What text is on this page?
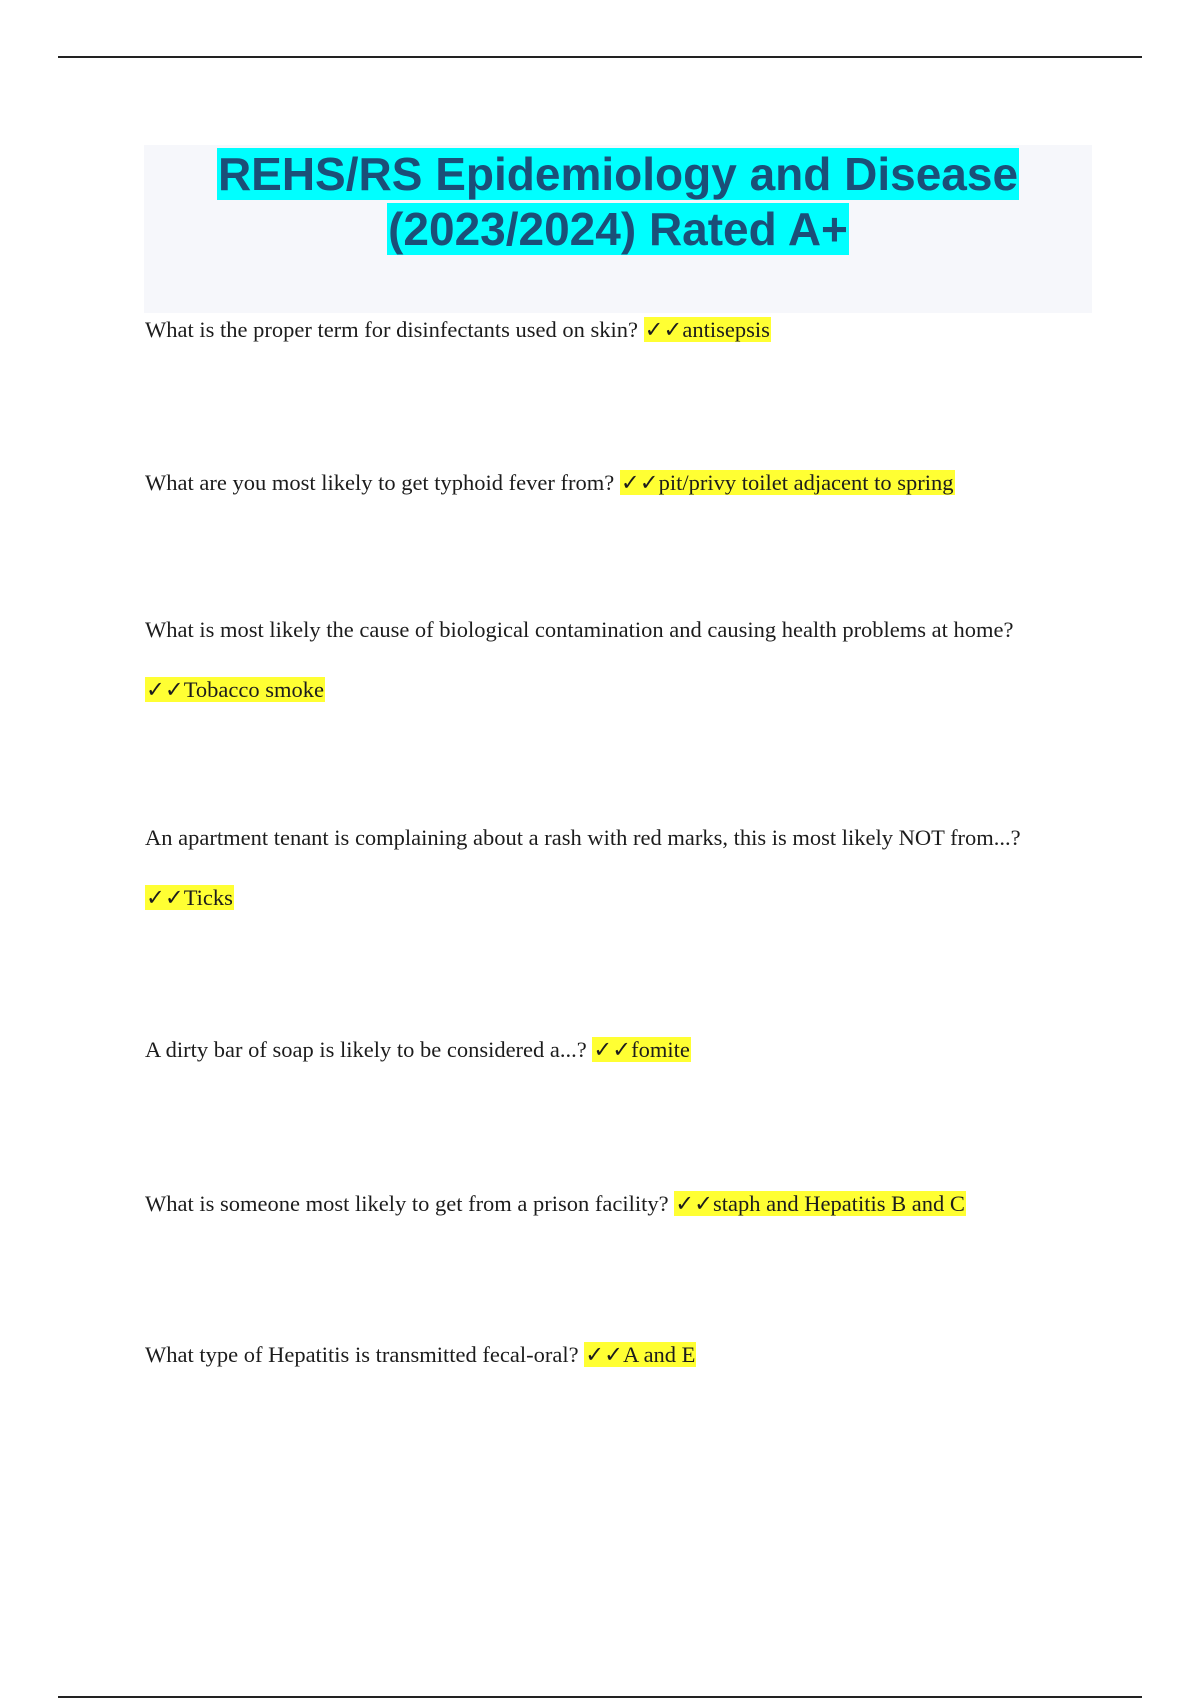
REHS/RS Epidemiology and Disease (2023/2024) Rated A+
What is the proper term for disinfectants used on skin? ✓✓antisepsis
What are you most likely to get typhoid fever from? ✓✓pit/privy toilet adjacent to spring
What is most likely the cause of biological contamination and causing health problems at home?
✓✓Tobacco smoke
An apartment tenant is complaining about a rash with red marks, this is most likely NOT from...?
✓✓Ticks
A dirty bar of soap is likely to be considered a...? ✓✓fomite
What is someone most likely to get from a prison facility? ✓✓staph and Hepatitis B and C
What type of Hepatitis is transmitted fecal-oral? ✓✓A and E
